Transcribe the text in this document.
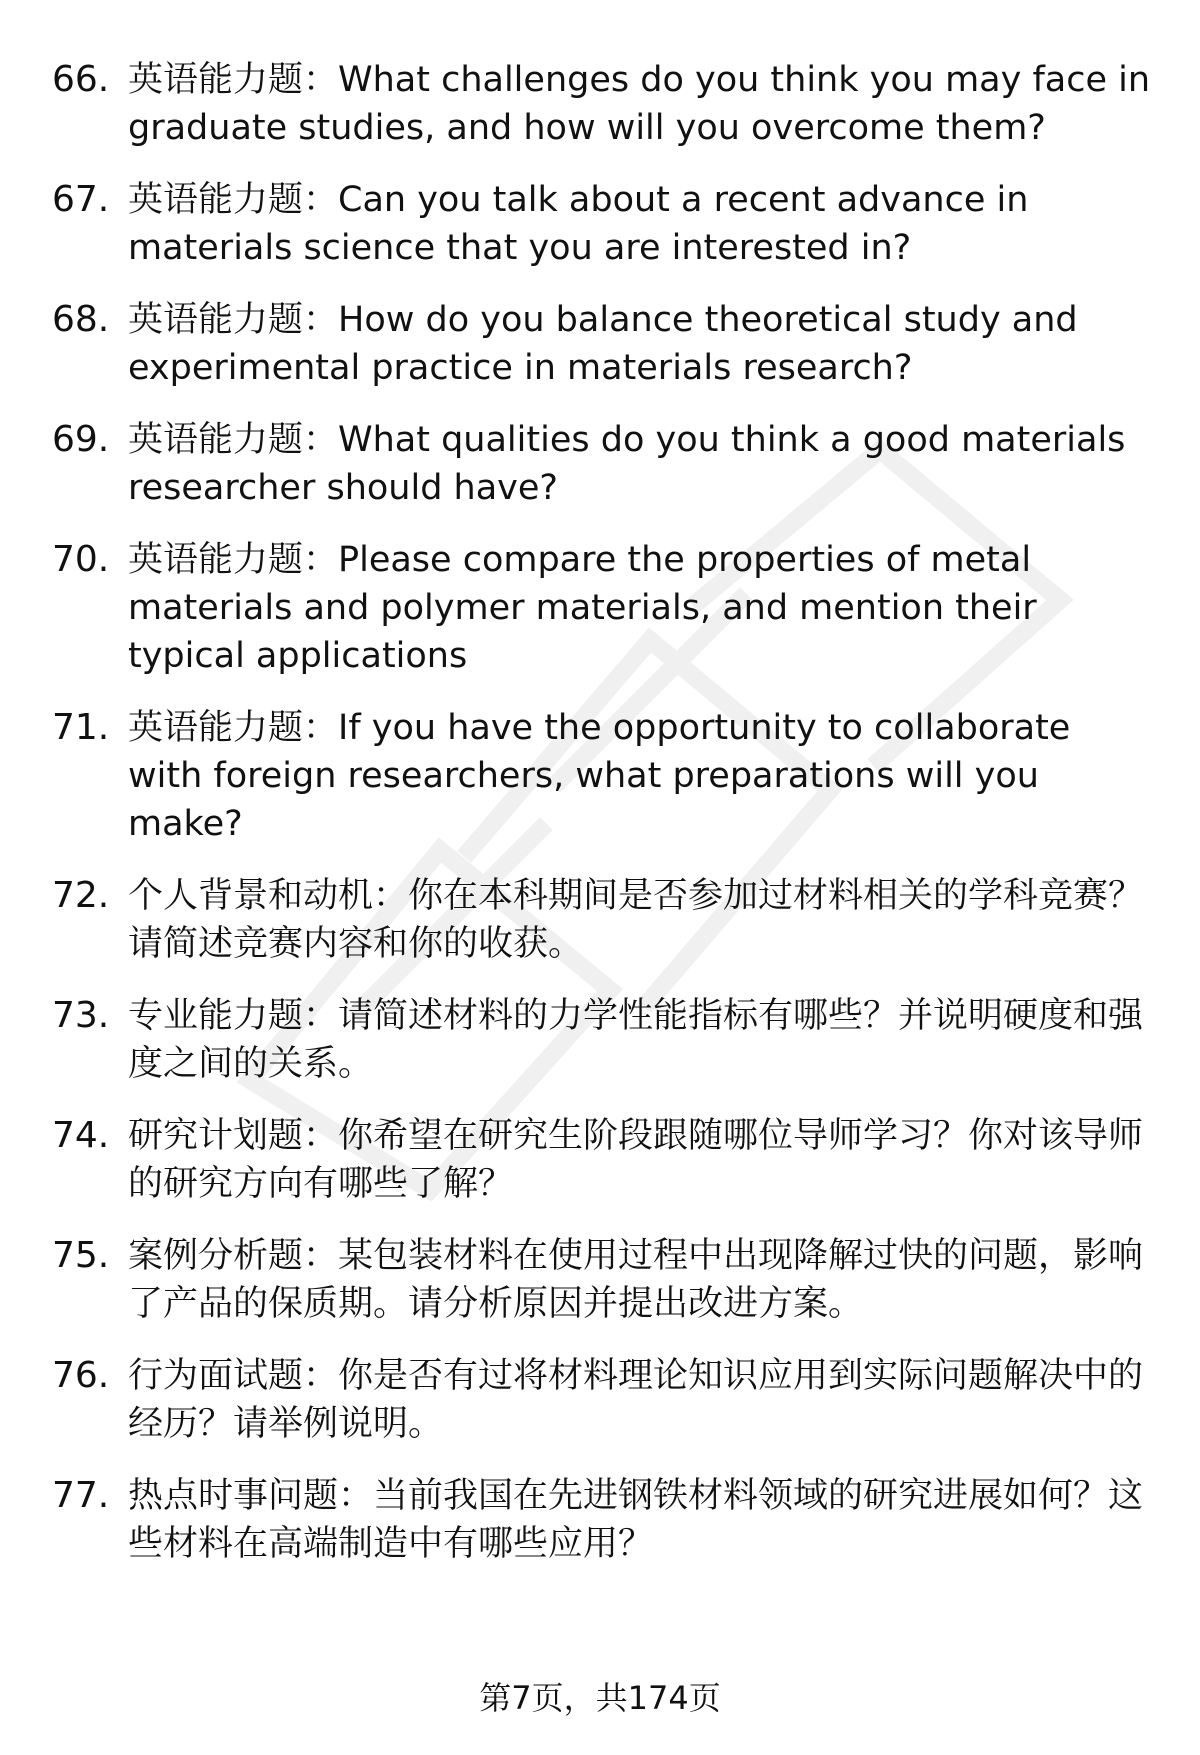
66. 英语能力题：What challenges do you think you may face in graduate studies, and how will you overcome them?
67. 英语能力题：Can you talk about a recent advance in materials science that you are interested in?
68. 英语能力题：How do you balance theoretical study and experimental practice in materials research?
69. 英语能力题：What qualities do you think a good materials researcher should have?
70. 英语能力题：Please compare the properties of metal materials and polymer materials, and mention their typical applications
71. 英语能力题：If you have the opportunity to collaborate with foreign researchers, what preparations will you make?
72. 个人背景和动机：你在本科期间是否参加过材料相关的学科竞赛？请简述竞赛内容和你的收获。
73. 专业能力题：请简述材料的力学性能指标有哪些？并说明硬度和强度之间的关系。
74. 研究计划题：你希望在研究生阶段跟随哪位导师学习？你对该导师的研究方向有哪些了解？
75. 案例分析题：某包装材料在使用过程中出现降解过快的问题，影响了产品的保质期。请分析原因并提出改进方案。
76. 行为面试题：你是否有过将材料理论知识应用到实际问题解决中的经历？请举例说明。
77. 热点时事问题：当前我国在先进钢铁材料领域的研究进展如何？这些材料在高端制造中有哪些应用？
第7页，共174页
